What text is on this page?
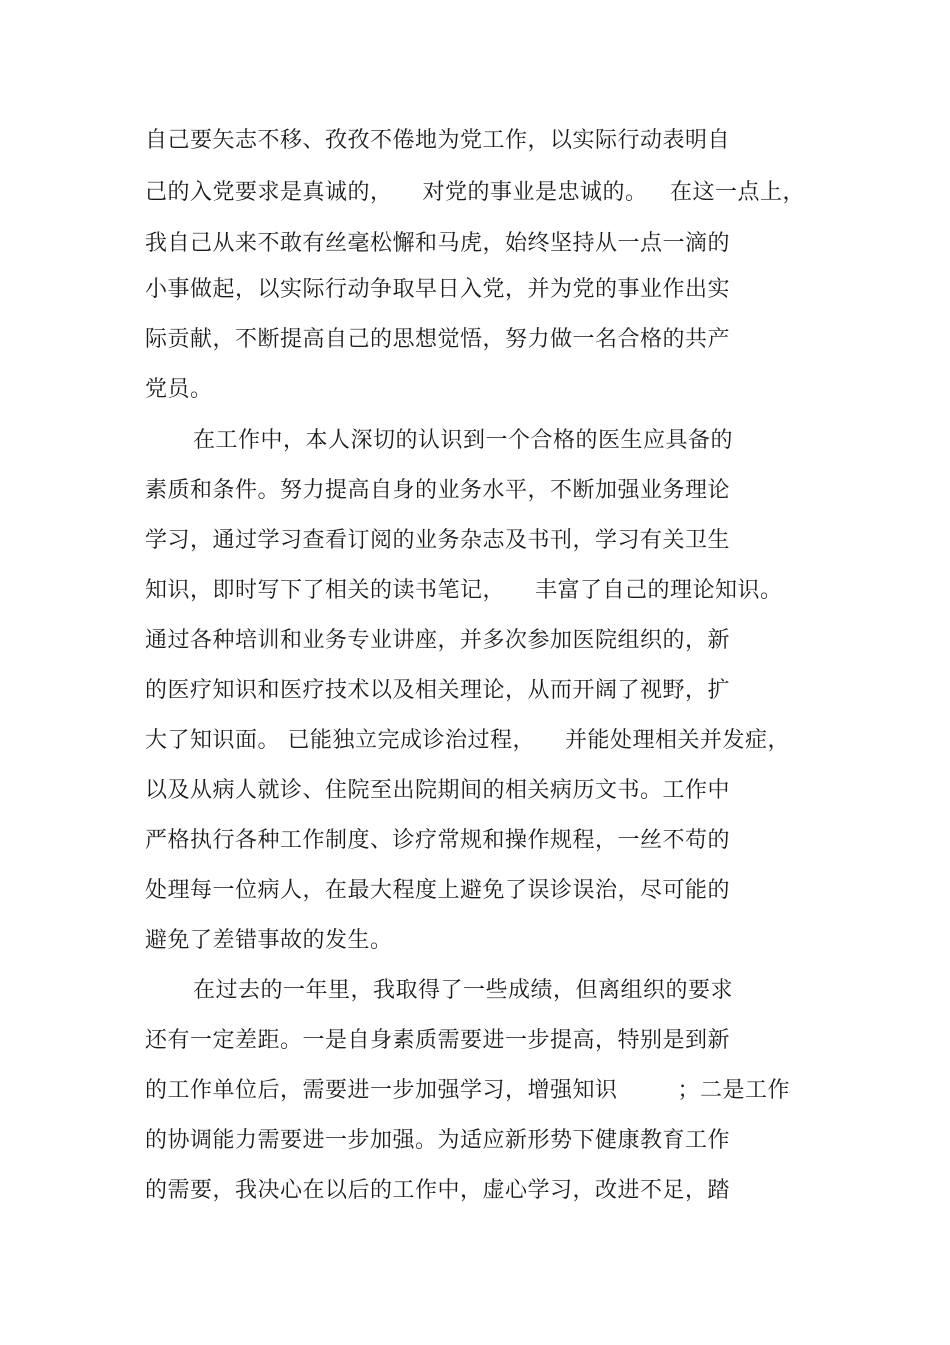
自己要矢志不移、孜孜不倦地为党工作，以实际行动表明自
己的入党要求是真诚的，    对党的事业是忠诚的。   在这一点上，
我自己从来不敢有丝毫松懈和马虎，始终坚持从一点一滴的
小事做起，以实际行动争取早日入党，并为党的事业作出实
际贡献，不断提高自己的思想觉悟，努力做一名合格的共产
党员。
在工作中，本人深切的认识到一个合格的医生应具备的
素质和条件。努力提高自身的业务水平，不断加强业务理论
学习，通过学习查看订阅的业务杂志及书刊，学习有关卫生
知识，即时写下了相关的读书笔记，    丰富了自己的理论知识。
通过各种培训和业务专业讲座，并多次参加医院组织的，新
的医疗知识和医疗技术以及相关理论，从而开阔了视野，扩
大了知识面。 已能独立完成诊治过程，    并能处理相关并发症，
以及从病人就诊、住院至出院期间的相关病历文书。工作中
严格执行各种工作制度、诊疗常规和操作规程，一丝不苟的
处理每一位病人，在最大程度上避免了误诊误治，尽可能的
避免了差错事故的发生。
在过去的一年里，我取得了一些成绩，但离组织的要求
还有一定差距。一是自身素质需要进一步提高，特别是到新
的工作单位后，需要进一步加强学习，增强知识        ；二是工作
的协调能力需要进一步加强。为适应新形势下健康教育工作
的需要，我决心在以后的工作中，虚心学习，改进不足，踏
